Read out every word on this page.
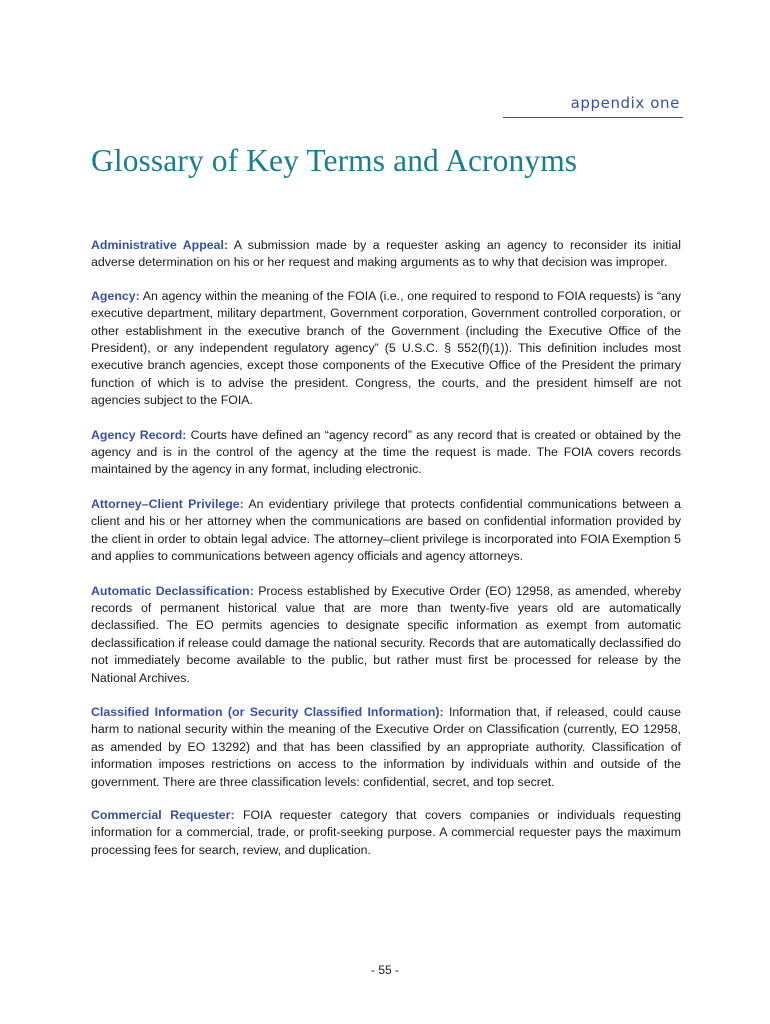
appendix one
Glossary of Key Terms and Acronyms

Administrative Appeal: A submission made by a requester asking an agency to reconsider its initial adverse determination on his or her request and making arguments as to why that decision was improper.

Agency: An agency within the meaning of the FOIA (i.e., one required to respond to FOIA requests) is “any executive department, military department, Government corporation, Government controlled corporation, or other establishment in the executive branch of the Government (including the Executive Office of the President), or any independent regulatory agency” (5 U.S.C. § 552(f)(1)). This definition includes most executive branch agencies, except those components of the Executive Office of the President the primary function of which is to advise the president. Congress, the courts, and the president himself are not agencies subject to the FOIA.

Agency Record: Courts have defined an “agency record” as any record that is created or obtained by the agency and is in the control of the agency at the time the request is made. The FOIA covers records maintained by the agency in any format, including electronic.

Attorney–Client Privilege: An evidentiary privilege that protects confidential communications between a client and his or her attorney when the communications are based on confidential information provided by the client in order to obtain legal advice. The attorney–client privilege is incorporated into FOIA Exemption 5 and applies to communications between agency officials and agency attorneys.

Automatic Declassification: Process established by Executive Order (EO) 12958, as amended, whereby records of permanent historical value that are more than twenty-five years old are automatically declassified. The EO permits agencies to designate specific information as exempt from automatic declassification if release could damage the national security. Records that are automatically declassified do not immediately become available to the public, but rather must first be processed for release by the National Archives.

Classified Information (or Security Classified Information): Information that, if released, could cause harm to national security within the meaning of the Executive Order on Classification (currently, EO 12958, as amended by EO 13292) and that has been classified by an appropriate authority. Classification of information imposes restrictions on access to the information by individuals within and outside of the government. There are three classification levels: confidential, secret, and top secret.

Commercial Requester: FOIA requester category that covers companies or individuals requesting information for a commercial, trade, or profit-seeking purpose. A commercial requester pays the maximum processing fees for search, review, and duplication.

- 55 -
